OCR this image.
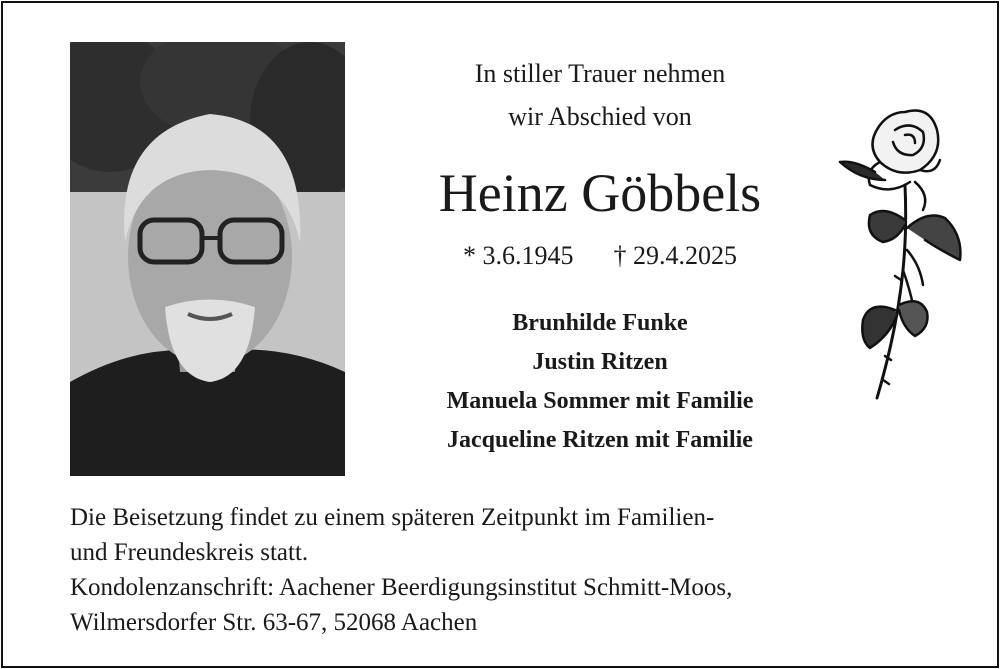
In stiller Trauer nehmen
wir Abschied von
Heinz Göbbels
* 3.6.1945 † 29.4.2025
Brunhilde Funke
Justin Ritzen
Manuela Sommer mit Familie
Jacqueline Ritzen mit Familie
Die Beisetzung findet zu einem späteren Zeitpunkt im Familien-
und Freundeskreis statt.
Kondolenzanschrift: Aachener Beerdigungsinstitut Schmitt-Moos,
Wilmersdorfer Str. 63-67, 52068 Aachen
